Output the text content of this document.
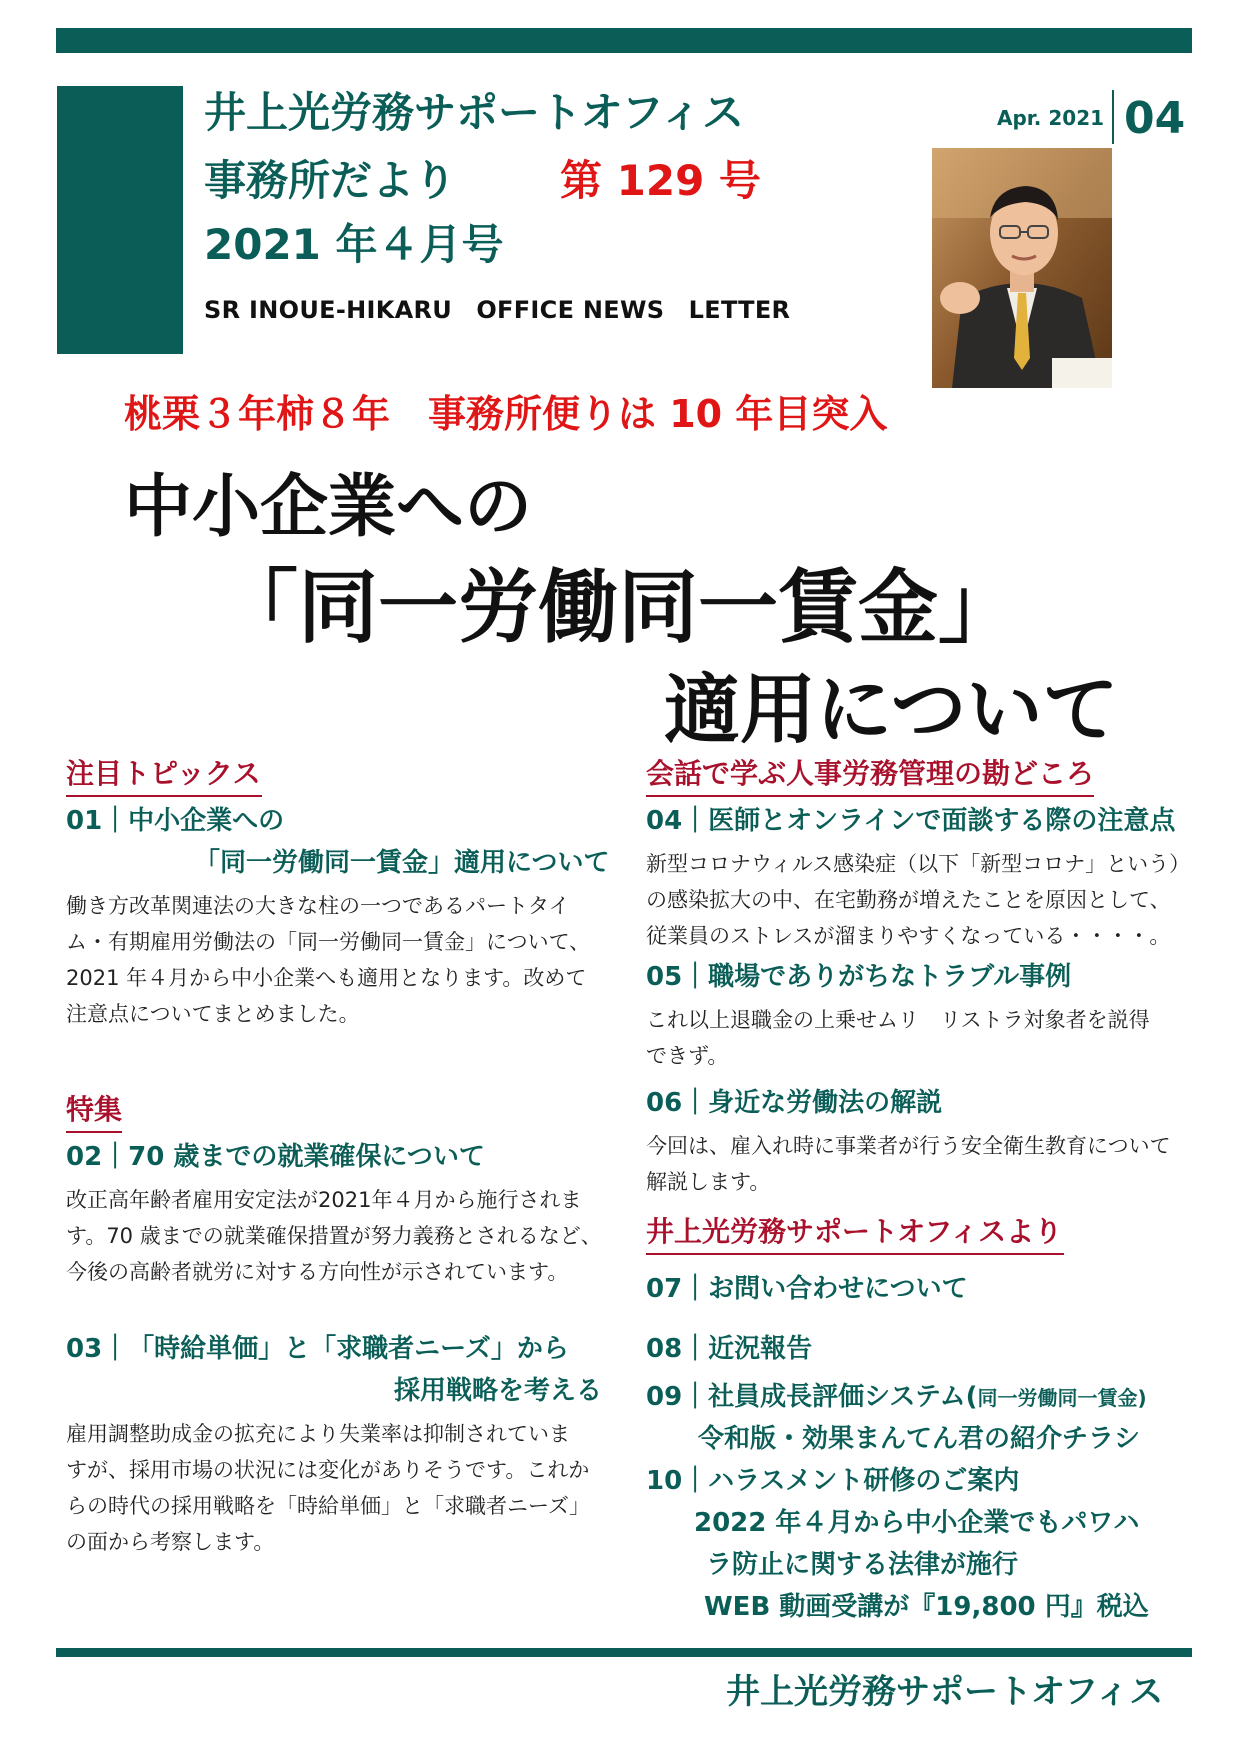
井上光労務サポートオフィス
事務所だより 第 129 号
2021 年４月号
SR INOUE-HIKARU　OFFICE NEWS　LETTER
Apr. 2021 04
桃栗３年柿８年　事務所便りは 10 年目突入
中小企業への
「同一労働同一賃金」
適用について
注目トピックス
01｜中小企業への
「同一労働同一賃金」適用について
働き方改革関連法の大きな柱の一つであるパートタイ
ム・有期雇用労働法の「同一労働同一賃金」について、
2021 年４月から中小企業へも適用となります。改めて
注意点についてまとめました。
特集
02｜70 歳までの就業確保について
改正高年齢者雇用安定法が2021年４月から施行されま
す。70 歳までの就業確保措置が努力義務とされるなど、
今後の高齢者就労に対する方向性が示されています。
03｜「時給単価」と「求職者ニーズ」から
採用戦略を考える
雇用調整助成金の拡充により失業率は抑制されていま
すが、採用市場の状況には変化がありそうです。これか
らの時代の採用戦略を「時給単価」と「求職者ニーズ」
の面から考察します。
会話で学ぶ人事労務管理の勘どころ
04｜医師とオンラインで面談する際の注意点
新型コロナウィルス感染症（以下「新型コロナ」という）
の感染拡大の中、在宅勤務が増えたことを原因として、
従業員のストレスが溜まりやすくなっている・・・・。
05｜職場でありがちなトラブル事例
これ以上退職金の上乗せムリ　リストラ対象者を説得
できず。
06｜身近な労働法の解説
今回は、雇入れ時に事業者が行う安全衛生教育について
解説します。
井上光労務サポートオフィスより
07｜お問い合わせについて
08｜近況報告
09｜社員成長評価システム(同一労働同一賃金)
令和版・効果まんてん君の紹介チラシ
10｜ハラスメント研修のご案内
2022 年４月から中小企業でもパワハ
ラ防止に関する法律が施行
WEB 動画受講が『19,800 円』税込
井上光労務サポートオフィス
